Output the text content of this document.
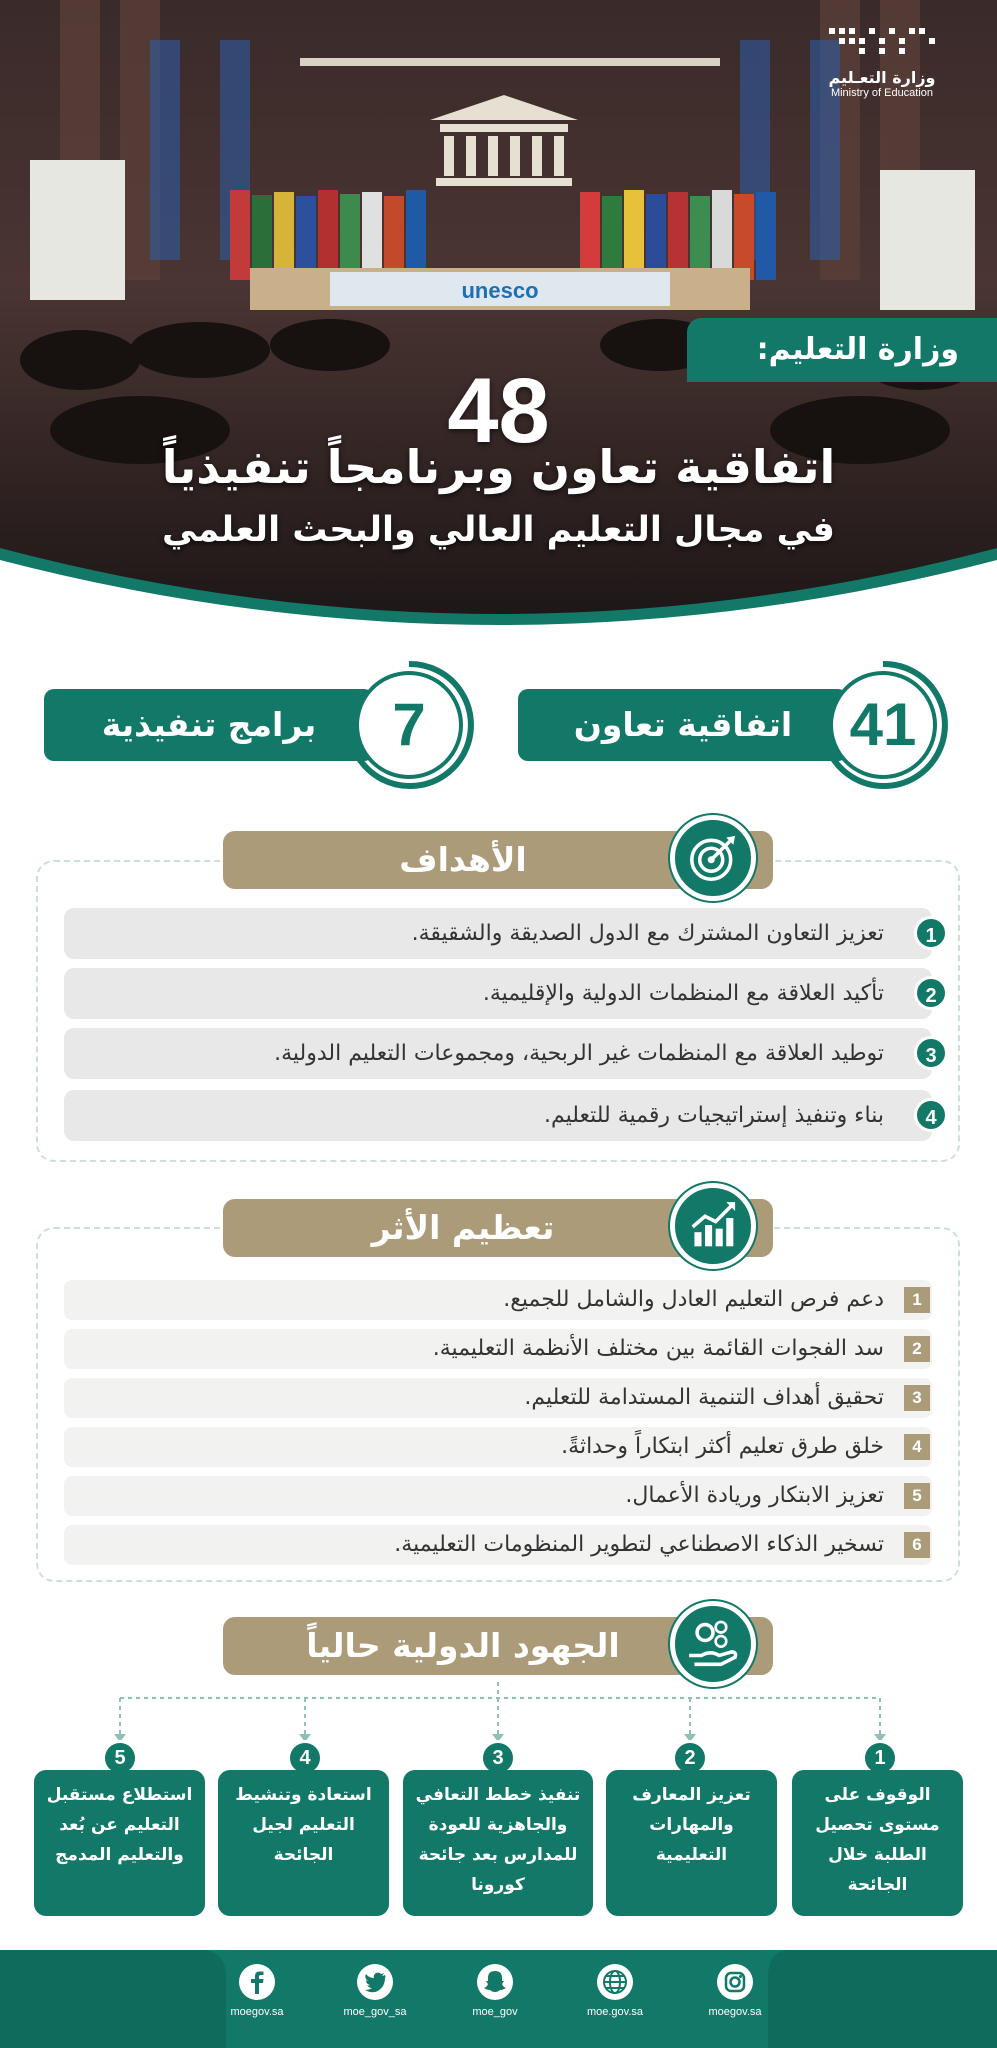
unesco
وزارة التعـليم
Ministry of Education
وزارة التعليم:
48
اتفاقية تعاون وبرنامجاً تنفيذياً
في مجال التعليم العالي والبحث العلمي
اتفاقية تعاون 41
برامج تنفيذية	7
الأهداف
1
تعزيز التعاون المشترك مع الدول الصديقة والشقيقة.
2
تأكيد العلاقة مع المنظمات الدولية والإقليمية.
3
توطيد العلاقة مع المنظمات غير الربحية، ومجموعات التعليم الدولية.
4
بناء وتنفيذ إستراتيجيات رقمية للتعليم.
تعظيم الأثر
1
دعم فرص التعليم العادل والشامل للجميع.
2
سد الفجوات القائمة بين مختلف الأنظمة التعليمية.
3
تحقيق أهداف التنمية المستدامة للتعليم.
4
خلق طرق تعليم أكثر ابتكاراً وحداثةً.
5
تعزيز الابتكار وريادة الأعمال.
6
تسخير الذكاء الاصطناعي لتطوير المنظومات التعليمية.
الجهود الدولية حالياً
1
الوقوف على مستوى تحصيل الطلبة خلال الجائحة
2
تعزيز المعارف والمهارات التعليمية
3
تنفيذ خطط التعافي والجاهزية للعودة للمدارس بعد جائحة كورونا
4
استعادة وتنشيط التعليم لجيل الجائحة
5
استطلاع مستقبل التعليم عن بُعد والتعليم المدمج
moegov.sa	moe_gov_sa	moe_gov	moe.gov.sa	moegov.sa
